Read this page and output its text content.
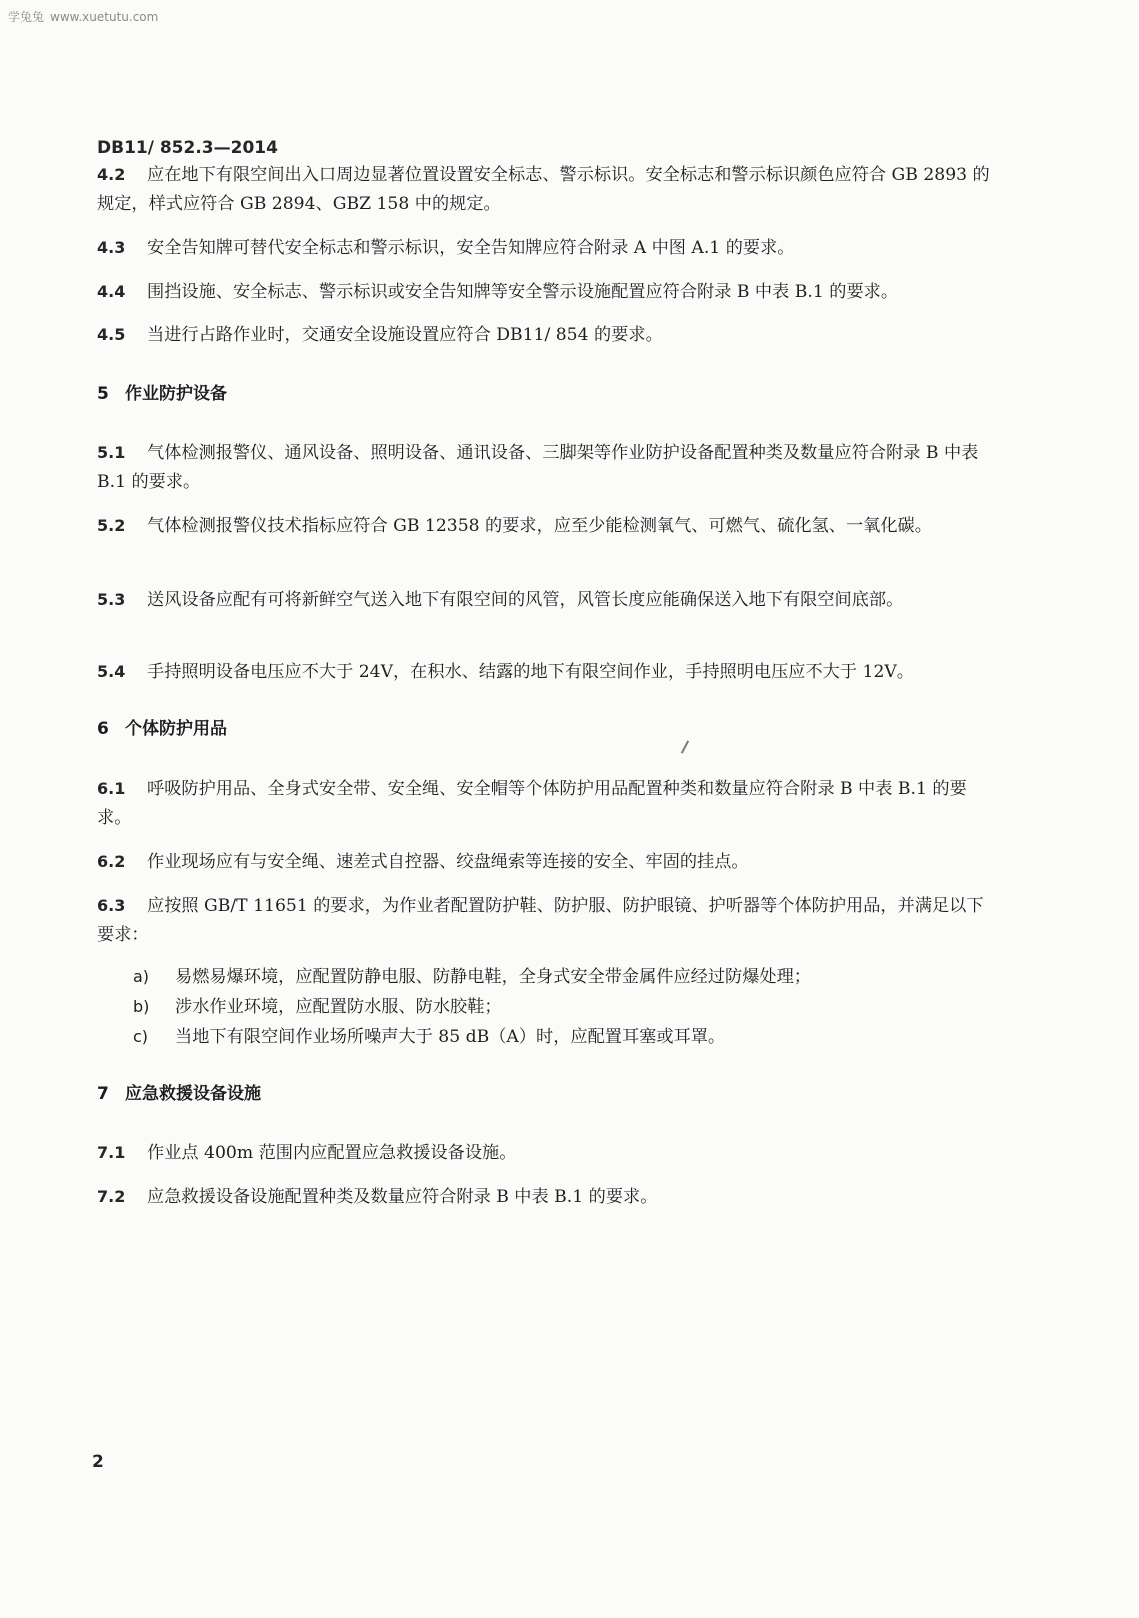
学兔兔 www.xuetutu.com
DB11/ 852.3—2014
4.2 应在地下有限空间出入口周边显著位置设置安全标志、警示标识。安全标志和警示标识颜色应符合 GB 2893 的规定，样式应符合 GB 2894、GBZ 158 中的规定。
4.3 安全告知牌可替代安全标志和警示标识，安全告知牌应符合附录 A 中图 A.1 的要求。
4.4 围挡设施、安全标志、警示标识或安全告知牌等安全警示设施配置应符合附录 B 中表 B.1 的要求。
4.5 当进行占路作业时，交通安全设施设置应符合 DB11/ 854 的要求。
5 作业防护设备
5.1 气体检测报警仪、通风设备、照明设备、通讯设备、三脚架等作业防护设备配置种类及数量应符合附录 B 中表 B.1 的要求。
5.2 气体检测报警仪技术指标应符合 GB 12358 的要求，应至少能检测氧气、可燃气、硫化氢、一氧化碳。
5.3 送风设备应配有可将新鲜空气送入地下有限空间的风管，风管长度应能确保送入地下有限空间底部。
5.4 手持照明设备电压应不大于 24V，在积水、结露的地下有限空间作业，手持照明电压应不大于 12V。
6 个体防护用品
6.1 呼吸防护用品、全身式安全带、安全绳、安全帽等个体防护用品配置种类和数量应符合附录 B 中表 B.1 的要求。
6.2 作业现场应有与安全绳、速差式自控器、绞盘绳索等连接的安全、牢固的挂点。
6.3 应按照 GB/T 11651 的要求，为作业者配置防护鞋、防护服、防护眼镜、护听器等个体防护用品，并满足以下要求：
a) 易燃易爆环境，应配置防静电服、防静电鞋，全身式安全带金属件应经过防爆处理；
b) 涉水作业环境，应配置防水服、防水胶鞋；
c) 当地下有限空间作业场所噪声大于 85 dB（A）时，应配置耳塞或耳罩。
7 应急救援设备设施
7.1 作业点 400m 范围内应配置应急救援设备设施。
7.2 应急救援设备设施配置种类及数量应符合附录 B 中表 B.1 的要求。
2
